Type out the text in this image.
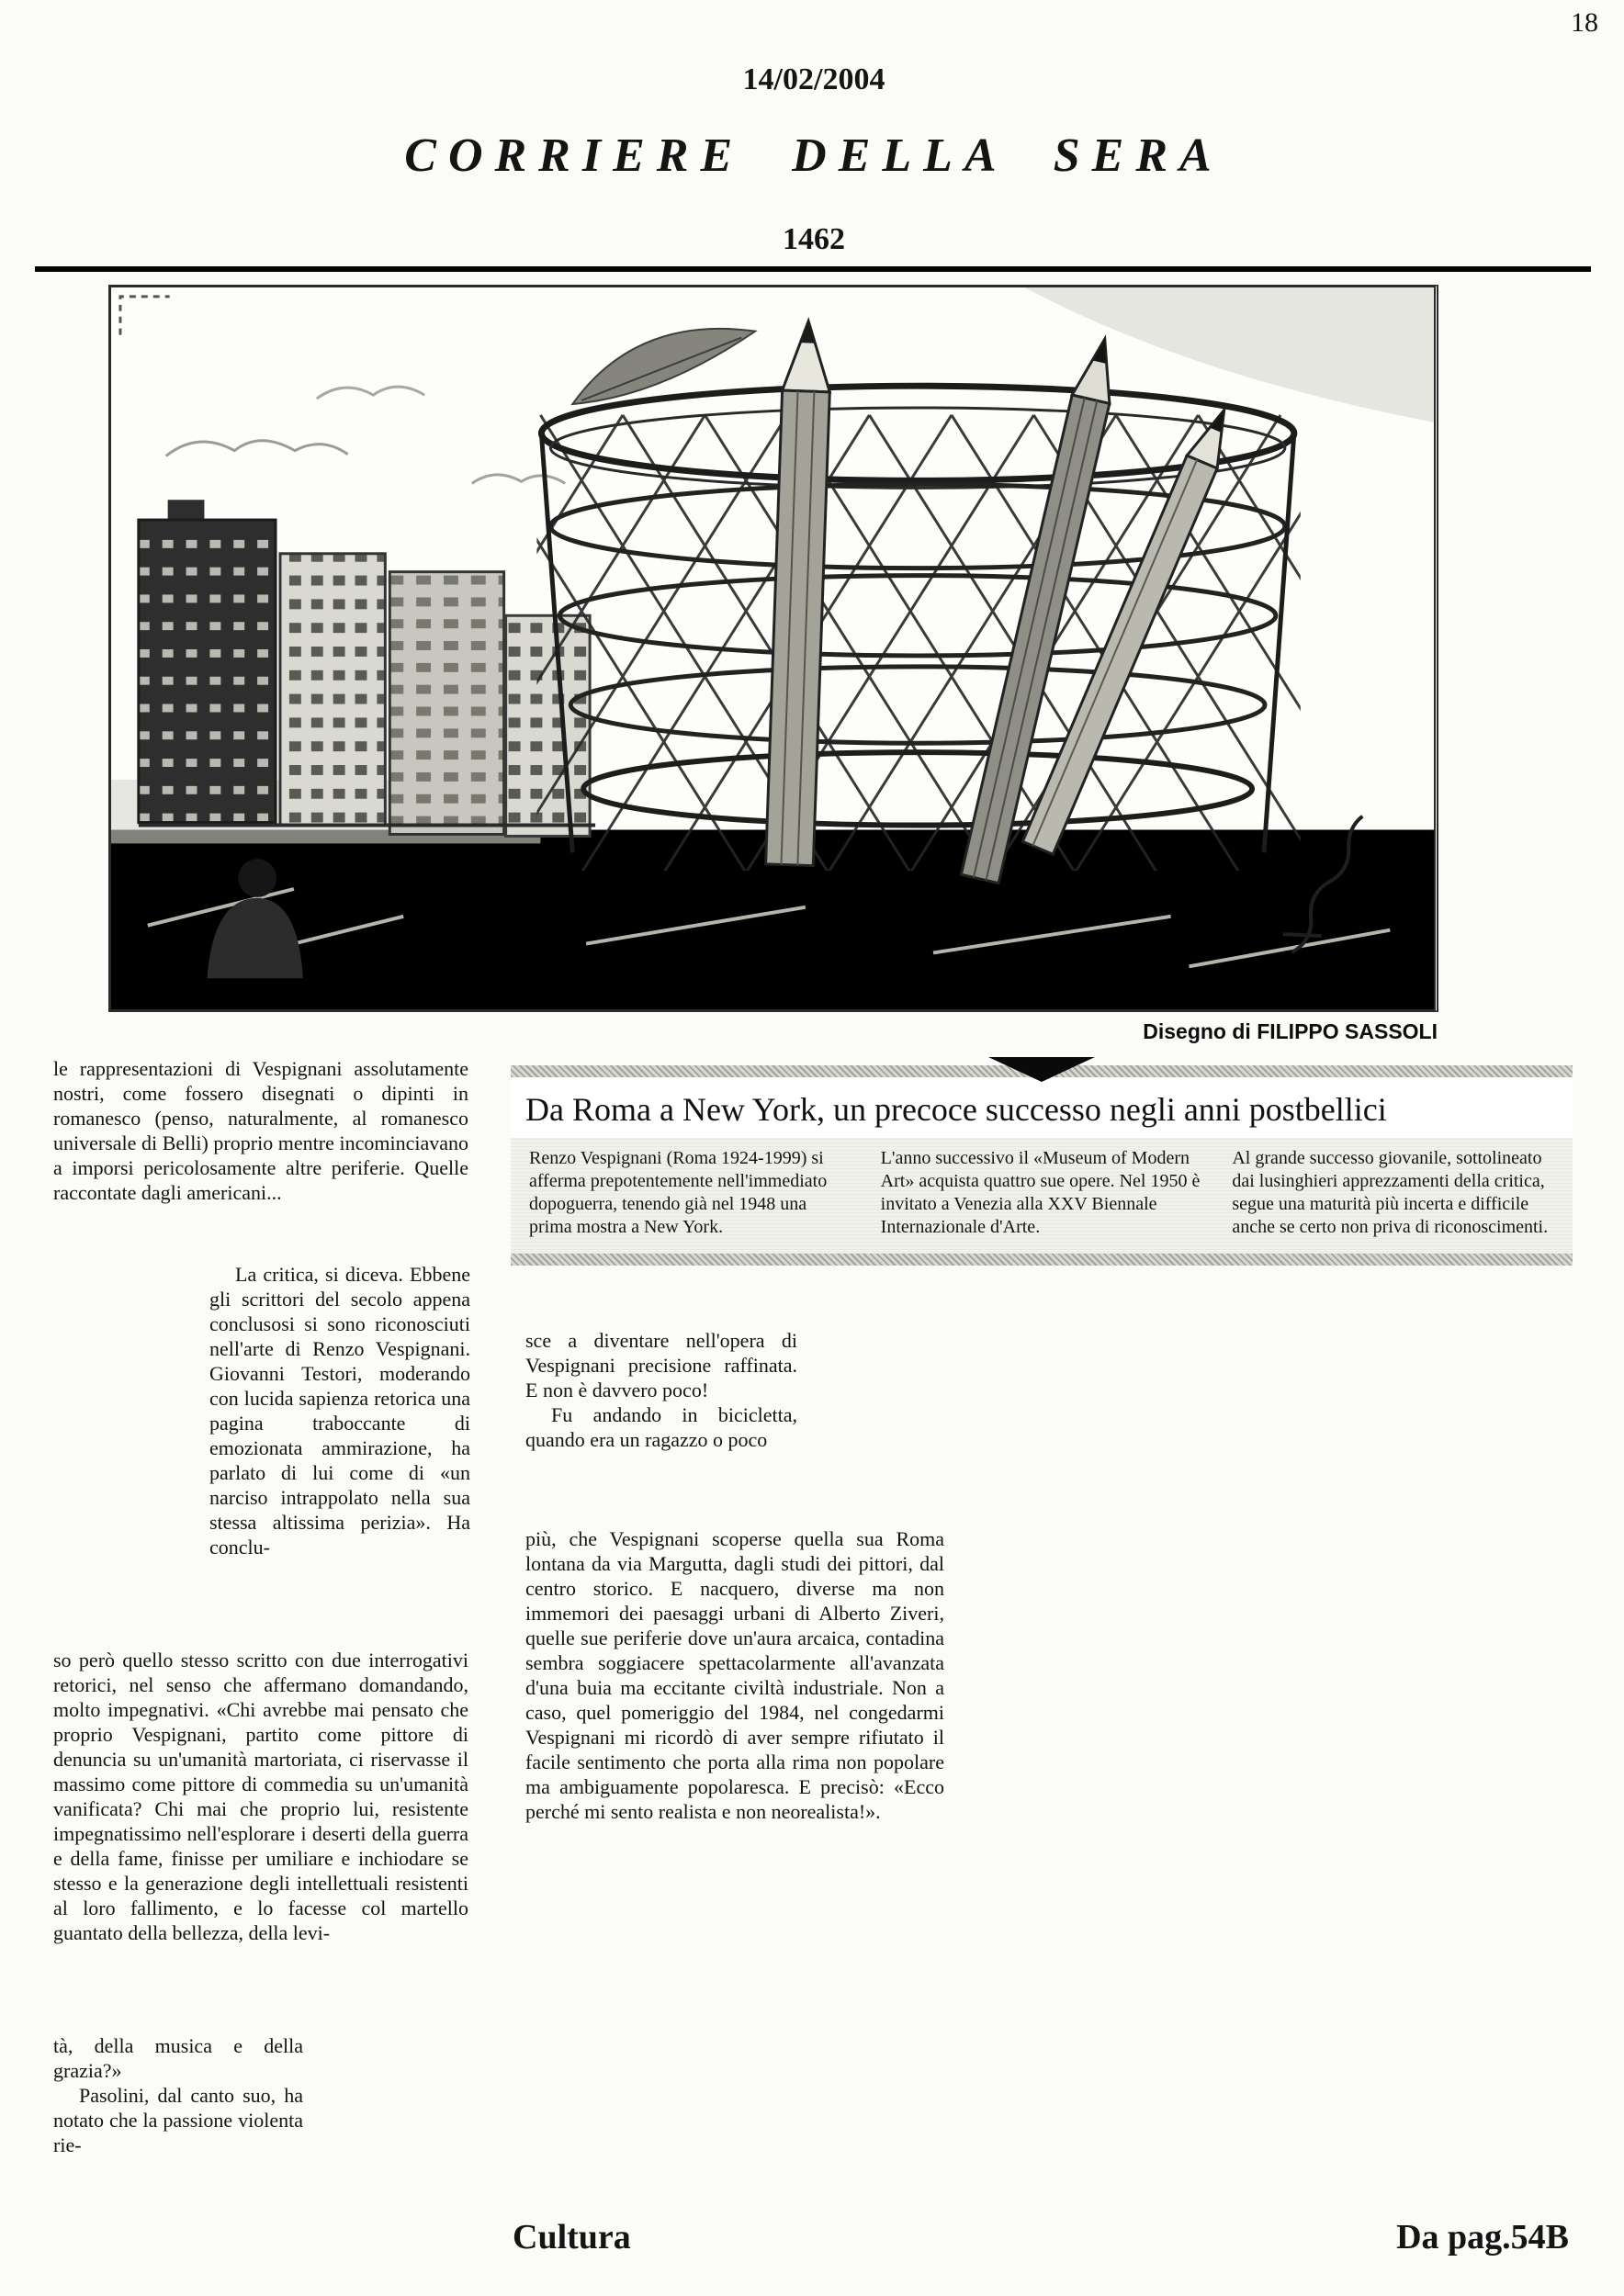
18
14/02/2004
CORRIERE DELLA SERA
1462
Disegno di FILIPPO SASSOLI
Da Roma a New York, un precoce successo negli anni postbellici
Renzo Vespignani (Roma 1924-1999) si afferma prepotentemente nell'immediato dopoguerra, tenendo già nel 1948 una prima mostra a New York.
L'anno successivo il «Museum of Modern Art» acquista quattro sue opere. Nel 1950 è invitato a Venezia alla XXV Biennale Internazionale d'Arte.
Al grande successo giovanile, sottolineato dai lusinghieri apprezzamenti della critica, segue una maturità più incerta e difficile anche se certo non priva di riconoscimenti.
le rappresentazioni di Vespignani assolutamente nostri, come fossero disegnati o dipinti in romanesco (penso, naturalmente, al romanesco universale di Belli) proprio mentre incominciavano a imporsi pericolosamente altre periferie. Quelle raccontate dagli americani...
La critica, si diceva. Ebbene gli scrittori del secolo appena conclusosi si sono riconosciuti nell'arte di Renzo Vespignani. Giovanni Testori, moderando con lucida sapienza retorica una pagina traboccante di emozionata ammirazione, ha parlato di lui come di «un narciso intrappolato nella sua stessa altissima perizia». Ha conclu-
so però quello stesso scritto con due interrogativi retorici, nel senso che affermano domandando, molto impegnativi. «Chi avrebbe mai pensato che proprio Vespignani, partito come pittore di denuncia su un'umanità martoriata, ci riservasse il massimo come pittore di commedia su un'umanità vanificata? Chi mai che proprio lui, resistente impegnatissimo nell'esplorare i deserti della guerra e della fame, finisse per umiliare e inchiodare se stesso e la generazione degli intellettuali resistenti al loro fallimento, e lo facesse col martello guantato della bellezza, della levi-
tà, della musica e della grazia?»
Pasolini, dal canto suo, ha notato che la passione violenta rie-
sce a diventare nell'opera di Vespignani precisione raffinata. E non è davvero poco!
Fu andando in bicicletta, quando era un ragazzo o poco
più, che Vespignani scoperse quella sua Roma lontana da via Margutta, dagli studi dei pittori, dal centro storico. E nacquero, diverse ma non immemori dei paesaggi urbani di Alberto Ziveri, quelle sue periferie dove un'aura arcaica, contadina sembra soggiacere spettacolarmente all'avanzata d'una buia ma eccitante civiltà industriale. Non a caso, quel pomeriggio del 1984, nel congedarmi Vespignani mi ricordò di aver sempre rifiutato il facile sentimento che porta alla rima non popolare ma ambiguamente popolaresca. E precisò: «Ecco perché mi sento realista e non neorealista!».
Cultura	Da pag.54B
